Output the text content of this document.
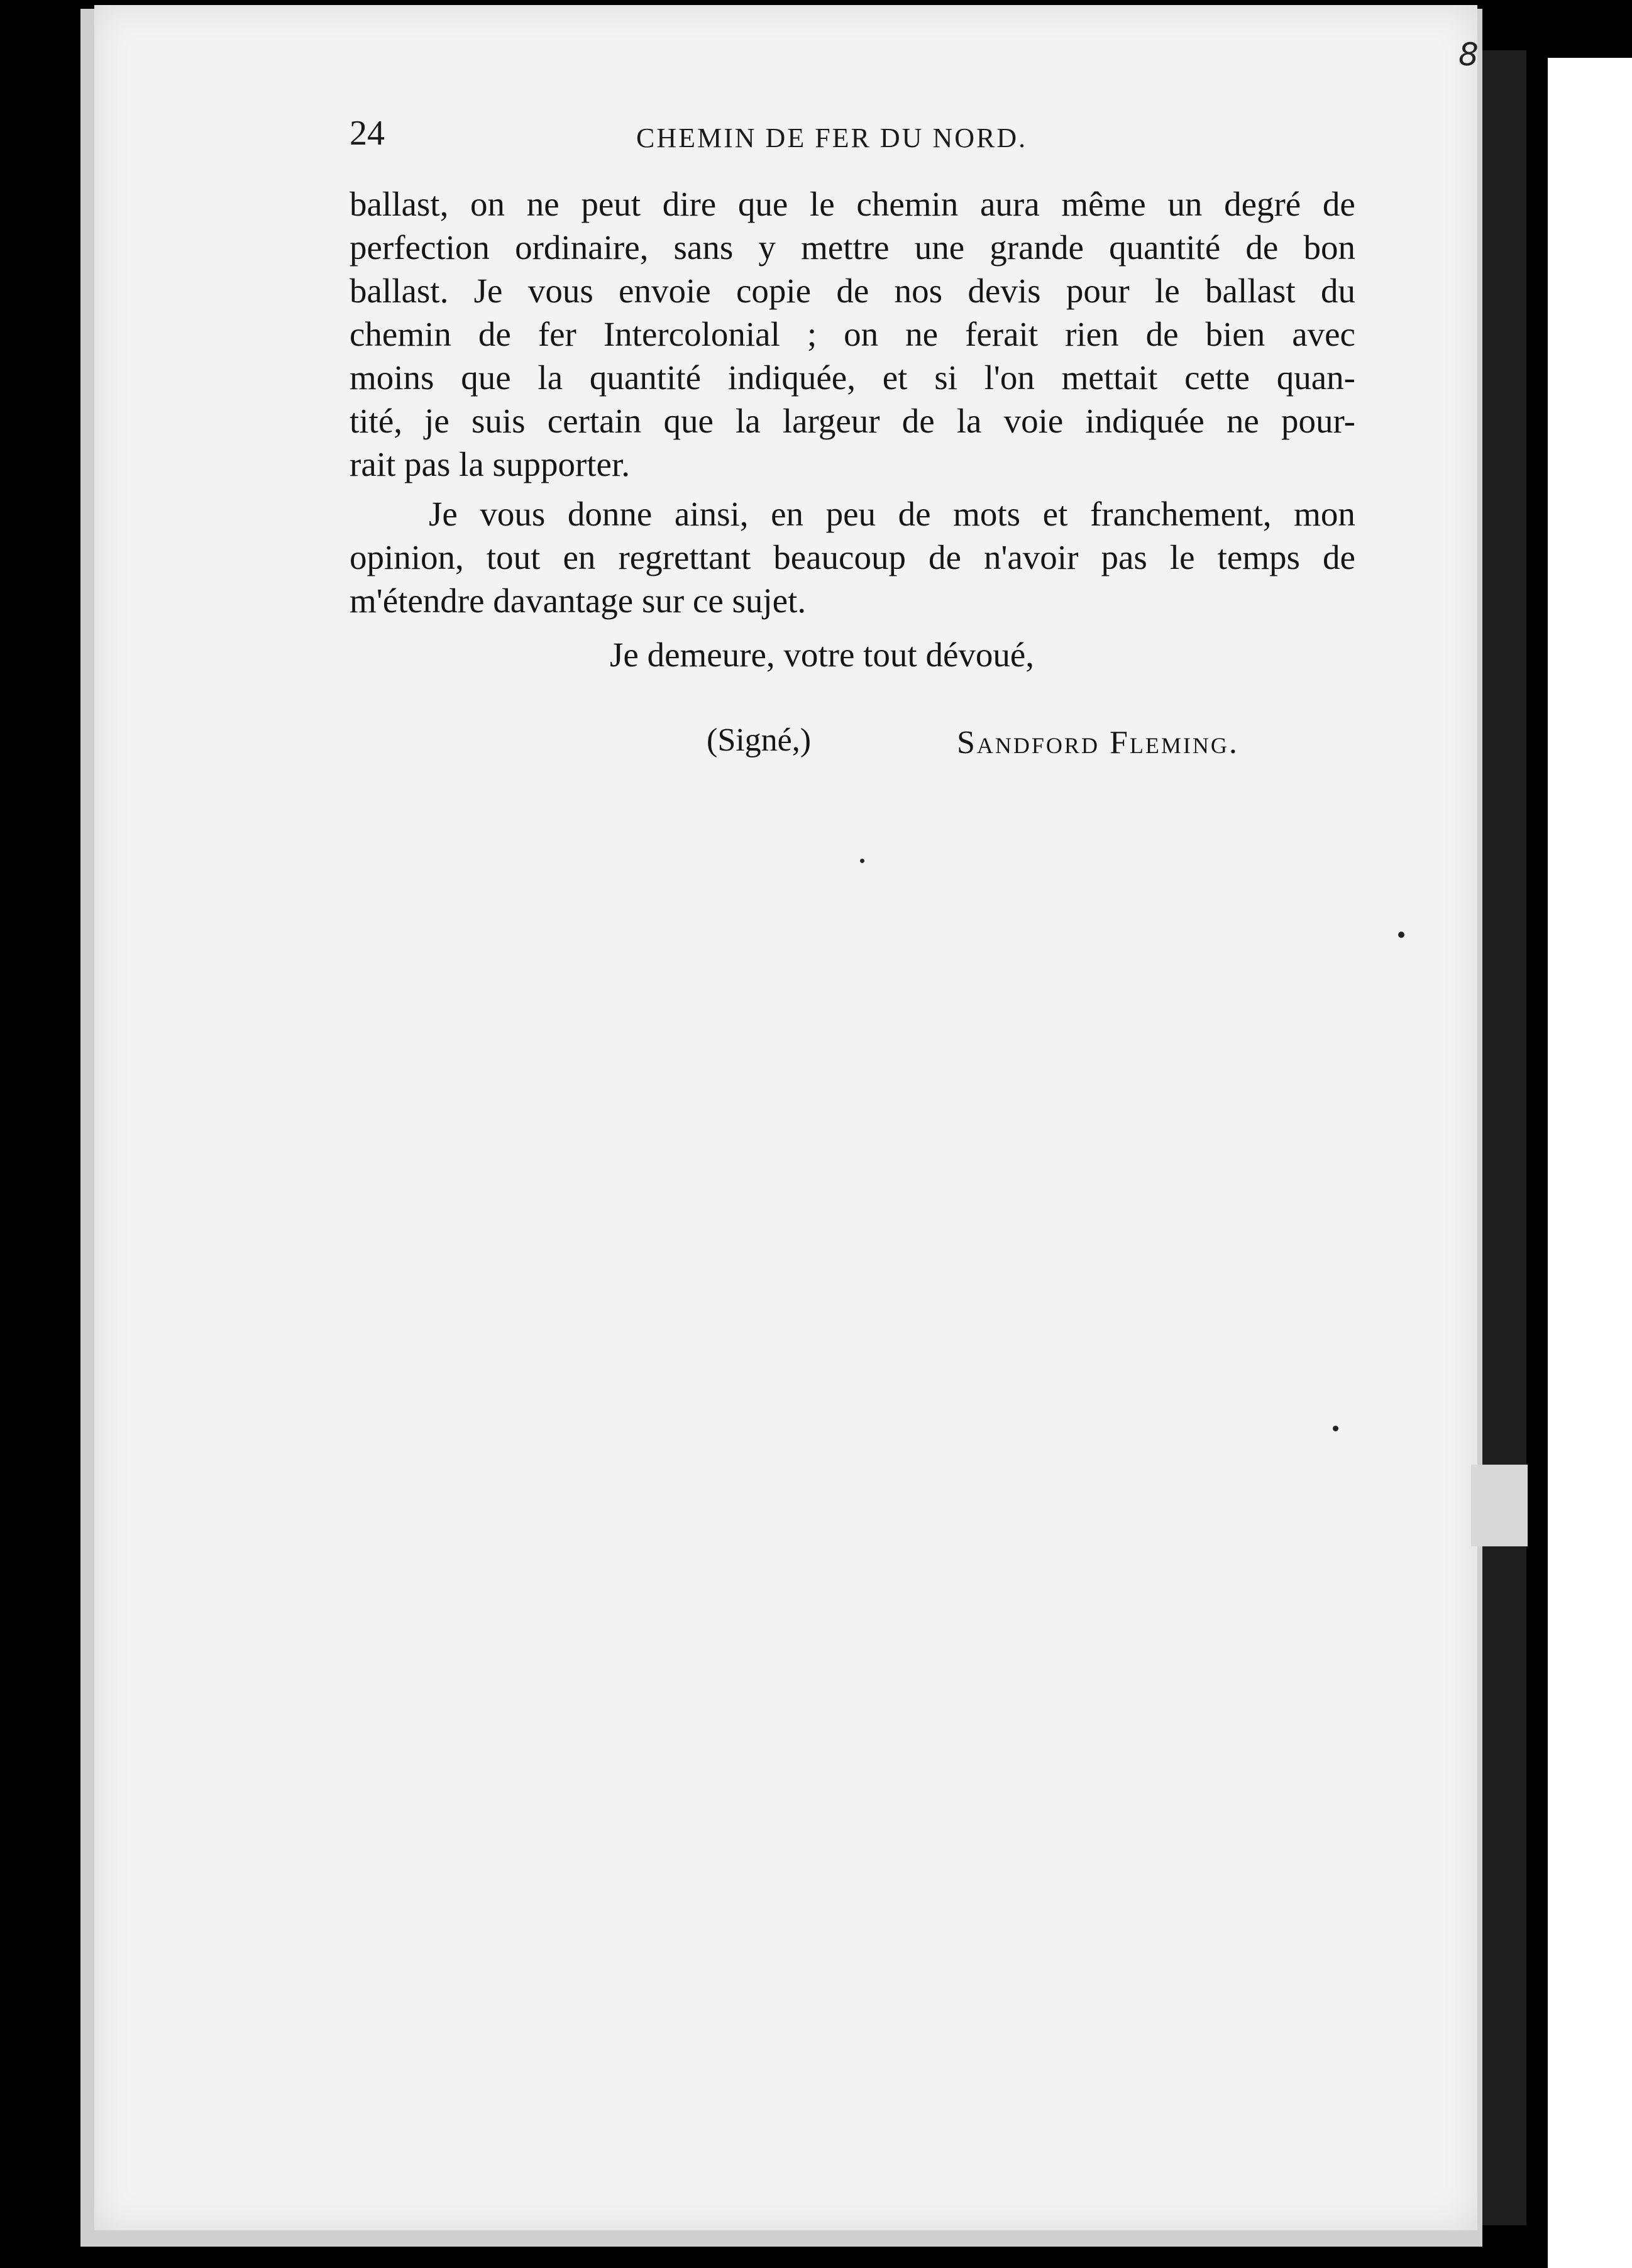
8
24	CHEMIN DE FER DU NORD.
ballast, on ne peut dire que le chemin aura même un degré de
perfection ordinaire, sans y mettre une grande quantité de bon
ballast. Je vous envoie copie de nos devis pour le ballast du
chemin de fer Intercolonial ; on ne ferait rien de bien avec
moins que la quantité indiquée, et si l'on mettait cette quan-
tité, je suis certain que la largeur de la voie indiquée ne pour-
rait pas la supporter.
Je vous donne ainsi, en peu de mots et franchement, mon
opinion, tout en regrettant beaucoup de n'avoir pas le temps de
m'étendre davantage sur ce sujet.
Je demeure, votre tout dévoué,
(Signé,)	Sandford Fleming.
